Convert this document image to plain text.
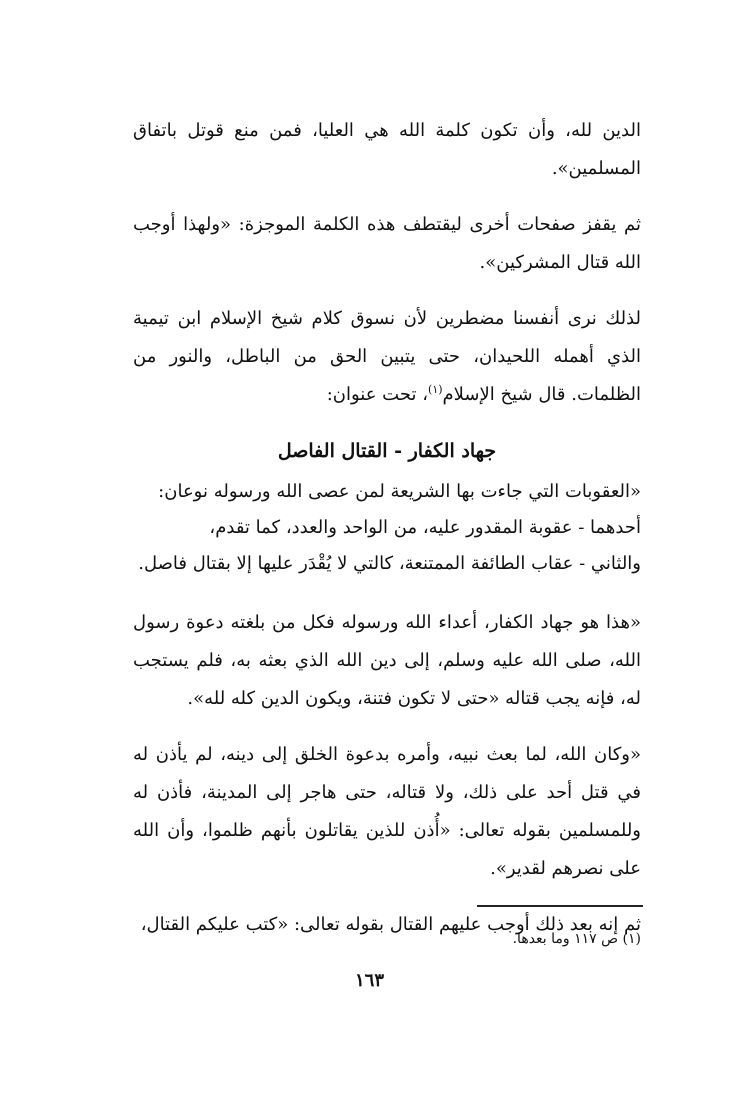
الدين لله، وأن تكون كلمة الله هي العليا، فمن منع قوتل باتفاق المسلمين».

ثم يقفز صفحات أخرى ليقتطف هذه الكلمة الموجزة: «ولهذا أوجب الله قتال المشركين».

لذلك نرى أنفسنا مضطرين لأن نسوق كلام شيخ الإسلام ابن تيمية الذي أهمله اللحيدان، حتى يتبين الحق من الباطل، والنور من الظلمات. قال شيخ الإسلام$^{(١)}$، تحت عنوان:

جهاد الكفار - القتال الفاصل

«العقوبات التي جاءت بها الشريعة لمن عصى الله ورسوله نوعان:

أحدهما - عقوبة المقدور عليه، من الواحد والعدد، كما تقدم،

والثاني - عقاب الطائفة الممتنعة، كالتي لا يُقْدَر عليها إلا بقتال فاصل.

«هذا هو جهاد الكفار، أعداء الله ورسوله فكل من بلغته دعوة رسول الله، صلى الله عليه وسلم، إلى دين الله الذي بعثه به، فلم يستجب له، فإنه يجب قتاله «حتى لا تكون فتنة، ويكون الدين كله لله».

«وكان الله، لما بعث نبيه، وأمره بدعوة الخلق إلى دينه، لم يأذن له في قتل أحد على ذلك، ولا قتاله، حتى هاجر إلى المدينة، فأذن له وللمسلمين بقوله تعالى: «أُذن للذين يقاتلون بأنهم ظلموا، وأن الله على نصرهم لقدير».

ثم إنه بعد ذلك أوجب عليهم القتال بقوله تعالى: «كتب عليكم القتال،

(١) ص ١١٧ وما بعدها.
١٦٣
